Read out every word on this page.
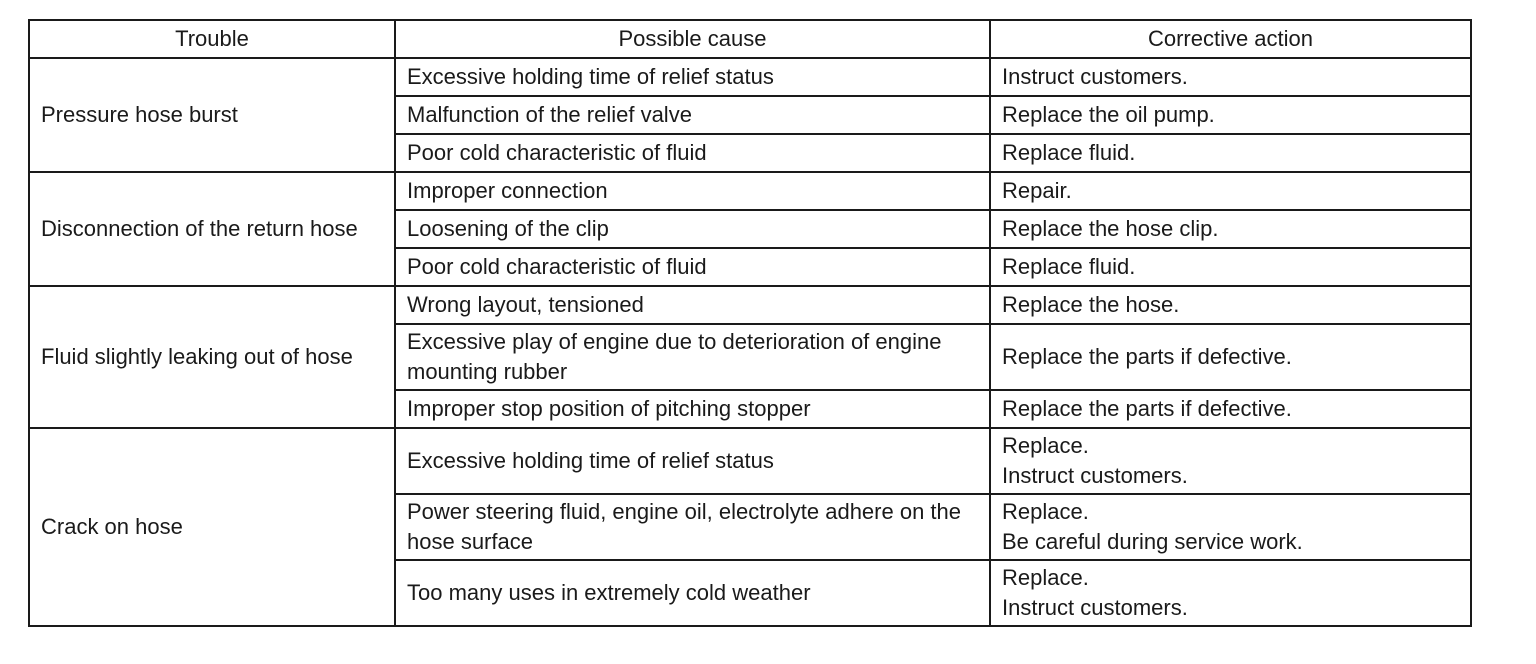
Trouble	Possible cause	Corrective action
Pressure hose burst	Excessive holding time of relief status	Instruct customers.

	Malfunction of the relief valve	Replace the oil pump.

	Poor cold characteristic of fluid	Replace fluid.

Disconnection of the return hose	Improper connection	Repair.

	Loosening of the clip	Replace the hose clip.

	Poor cold characteristic of fluid	Replace fluid.

Fluid slightly leaking out of hose	Wrong layout, tensioned	Replace the hose.

	Excessive play of engine due to deterioration of engine mounting rubber	Replace the parts if defective.

	Improper stop position of pitching stopper	Replace the parts if defective.

Crack on hose	Excessive holding time of relief status	Replace.
Instruct customers.

	Power steering fluid, engine oil, electrolyte adhere on the hose surface	Replace.
Be careful during service work.

	Too many uses in extremely cold weather	Replace.
Instruct customers.
